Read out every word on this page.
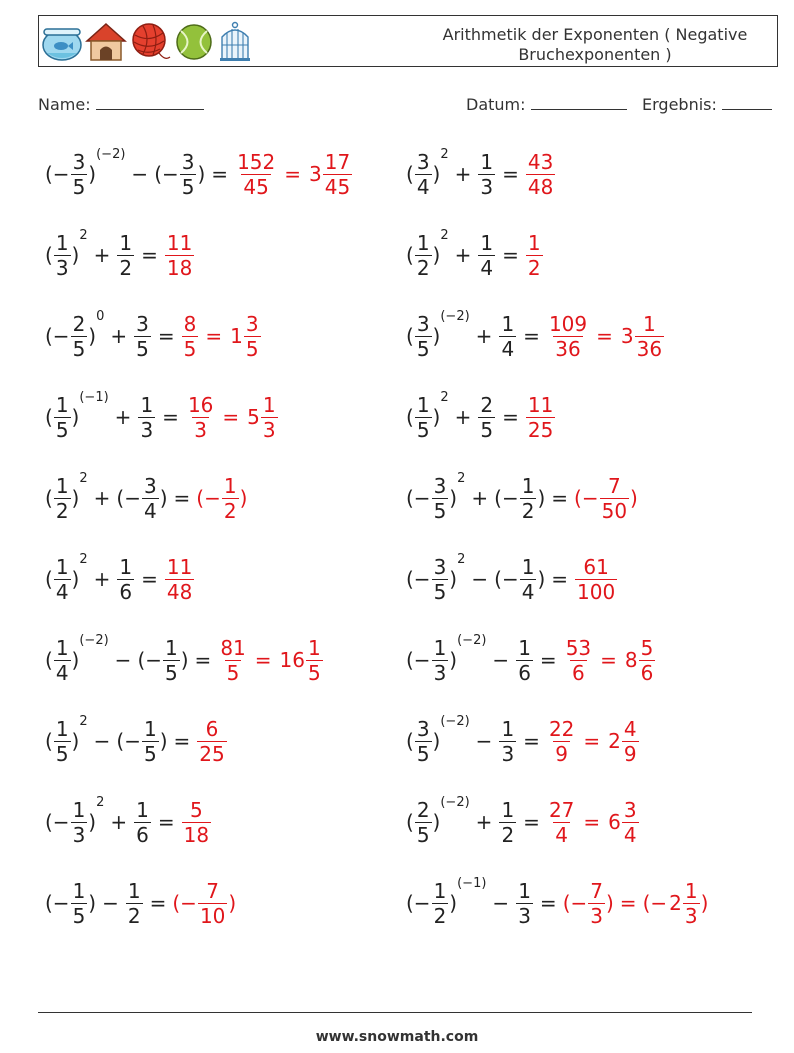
Arithmetik der Exponenten ( Negative Bruchexponenten )
Name:	Datum:	Ergebnis:
(− $\frac{3}{5}$ )
(−2)
− (− $\frac{3}{5}$ ) = $\frac{152}{45} = 3 \frac{17}{45}$	( $\frac{3}{4}$ )
2
+ $\frac{1}{3} = \frac{43}{48}$
( $\frac{1}{3}$ )
2
+ $\frac{1}{2} = \frac{11}{18}$	( $\frac{1}{2}$ )
2
+ $\frac{1}{4} = \frac{1}{2}$
(− $\frac{2}{5}$ )
0
+ $\frac{3}{5} = \frac{8}{5} = 1 \frac{3}{5}$	( $\frac{3}{5}$ )
(−2)
+ $\frac{1}{4} = \frac{109}{36} = 3 \frac{1}{36}$
( $\frac{1}{5}$ )
(−1)
+ $\frac{1}{3} = \frac{16}{3} = 5 \frac{1}{3}$	( $\frac{1}{5}$ )
2
+ $\frac{2}{5} = \frac{11}{25}$
( $\frac{1}{2}$ )
2
+ (− $\frac{3}{4}$ ) = (− $\frac{1}{2}$ )	(− $\frac{3}{5}$ )
2
+ (− $\frac{1}{2}$ ) = (− $\frac{7}{50}$ )
( $\frac{1}{4}$ )
2
+ $\frac{1}{6} = \frac{11}{48}$	(− $\frac{3}{5}$ )
2
− (− $\frac{1}{4}$ ) = $\frac{61}{100}$
( $\frac{1}{4}$ )
(−2)
− (− $\frac{1}{5}$ ) = $\frac{81}{5} = 16 \frac{1}{5}$	(− $\frac{1}{3}$ )
(−2)
− $\frac{1}{6} = \frac{53}{6} = 8 \frac{5}{6}$
( $\frac{1}{5}$ )
2
− (− $\frac{1}{5}$ ) = $\frac{6}{25}$	( $\frac{3}{5}$ )
(−2)
− $\frac{1}{3} = \frac{22}{9} = 2 \frac{4}{9}$
(− $\frac{1}{3}$ )
2
+ $\frac{1}{6} = \frac{5}{18}$	( $\frac{2}{5}$ )
(−2)
+ $\frac{1}{2} = \frac{27}{4} = 6 \frac{3}{4}$
(− $\frac{1}{5}$ ) − $\frac{1}{2}$ = (− $\frac{7}{10}$ )	(− $\frac{1}{2}$ )
(−1)
− $\frac{1}{3}$ = (− $\frac{7}{3}$ ) = (− $2 \frac{1}{3}$ )
www.snowmath.com
